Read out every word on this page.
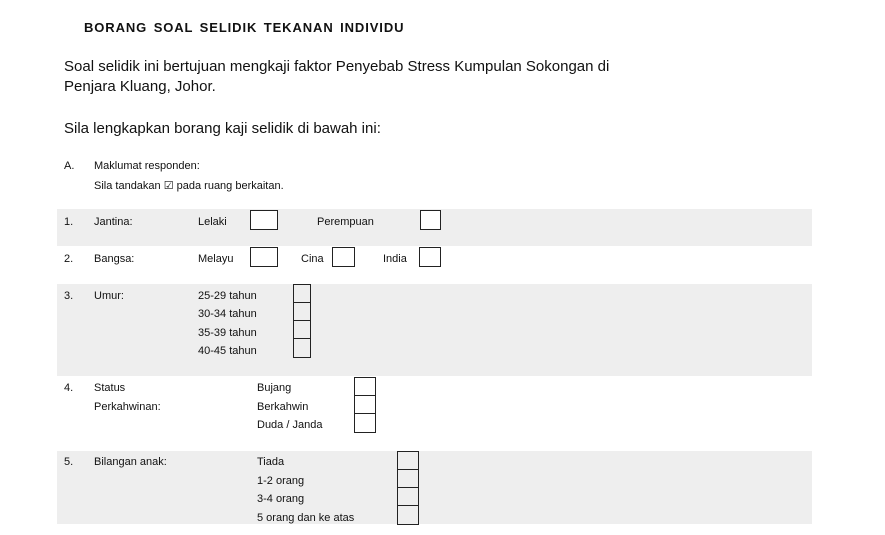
BORANG SOAL SELIDIK TEKANAN INDIVIDU
Soal selidik ini bertujuan mengkaji faktor Penyebab Stress Kumpulan Sokongan di
Penjara Kluang, Johor.
Sila lengkapkan borang kaji selidik di bawah ini:
A. Maklumat responden:
Sila tandakan ☑ pada ruang berkaitan.
1. Jantina:	Lelaki	Perempuan
2. Bangsa:	Melayu	Cina	India
3. Umur:	25-29 tahun
30-34 tahun
35-39 tahun
40-45 tahun
4. Status
Perkahwinan:
Bujang
Berkahwin
Duda / Janda
5. Bilangan anak:	Tiada
1-2 orang
3-4 orang
5 orang dan ke atas
